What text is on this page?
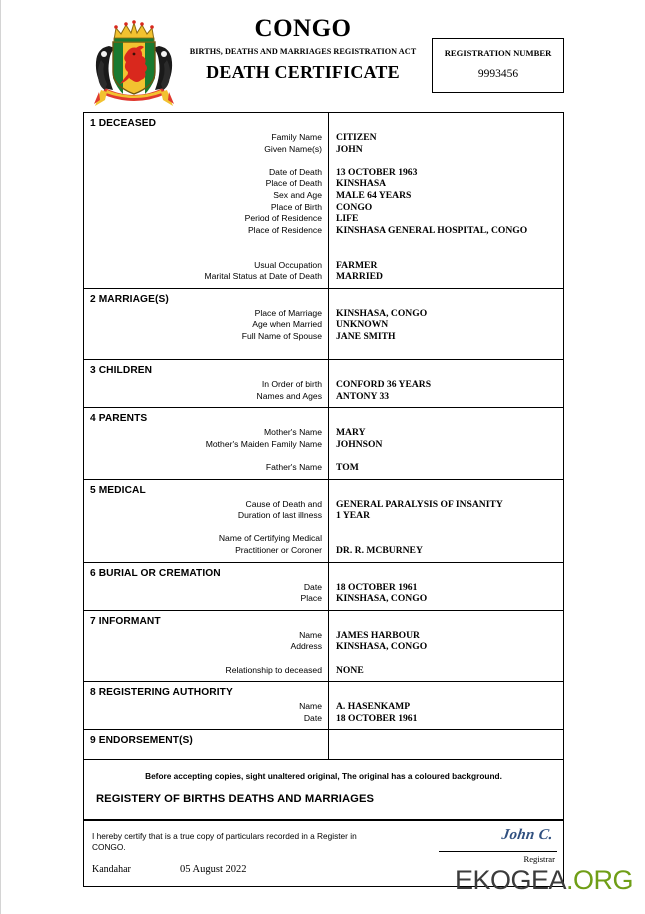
CONGO
BIRTHS, DEATHS AND MARRIAGES REGISTRATION ACT
DEATH CERTIFICATE
REGISTRATION NUMBER
9993456
1 DECEASED
Family Name
Given Name(s)
Date of Death
Place of Death
Sex and Age
Place of Birth
Period of Residence
Place of Residence
Usual Occupation
Marital Status at Date of Death

CITIZEN
JOHN
13 OCTOBER 1963
KINSHASA
MALE 64 YEARS
CONGO
LIFE
KINSHASA GENERAL HOSPITAL, CONGO
FARMER
MARRIED
2 MARRIAGE(S)
Place of Marriage
Age when Married
Full Name of Spouse

KINSHASA, CONGO
UNKNOWN
JANE SMITH
3 CHILDREN
In Order of birth
Names and Ages

CONFORD 36 YEARS
ANTONY 33
4 PARENTS
Mother's Name
Mother's Maiden Family Name
Father's Name

MARY
JOHNSON
TOM
5 MEDICAL
Cause of Death and
Duration of last illness
Name of Certifying Medical
Practitioner or Coroner

GENERAL PARALYSIS OF INSANITY
1 YEAR
DR. R. MCBURNEY
6 BURIAL OR CREMATION
Date
Place

18 OCTOBER 1961
KINSHASA, CONGO
7 INFORMANT
Name
Address
Relationship to deceased

JAMES HARBOUR
KINSHASA, CONGO
NONE
8 REGISTERING AUTHORITY
Name
Date

A. HASENKAMP
18 OCTOBER 1961
9 ENDORSEMENT(S)

Before accepting copies, sight unaltered original, The original has a coloured background.
REGISTERY OF BIRTHS DEATHS AND MARRIAGES
I hereby certify that is a true copy of particulars recorded in a Register in CONGO.
Kandahar	05 August 2022
John C.
Registrar
EKOGEA.ORG
